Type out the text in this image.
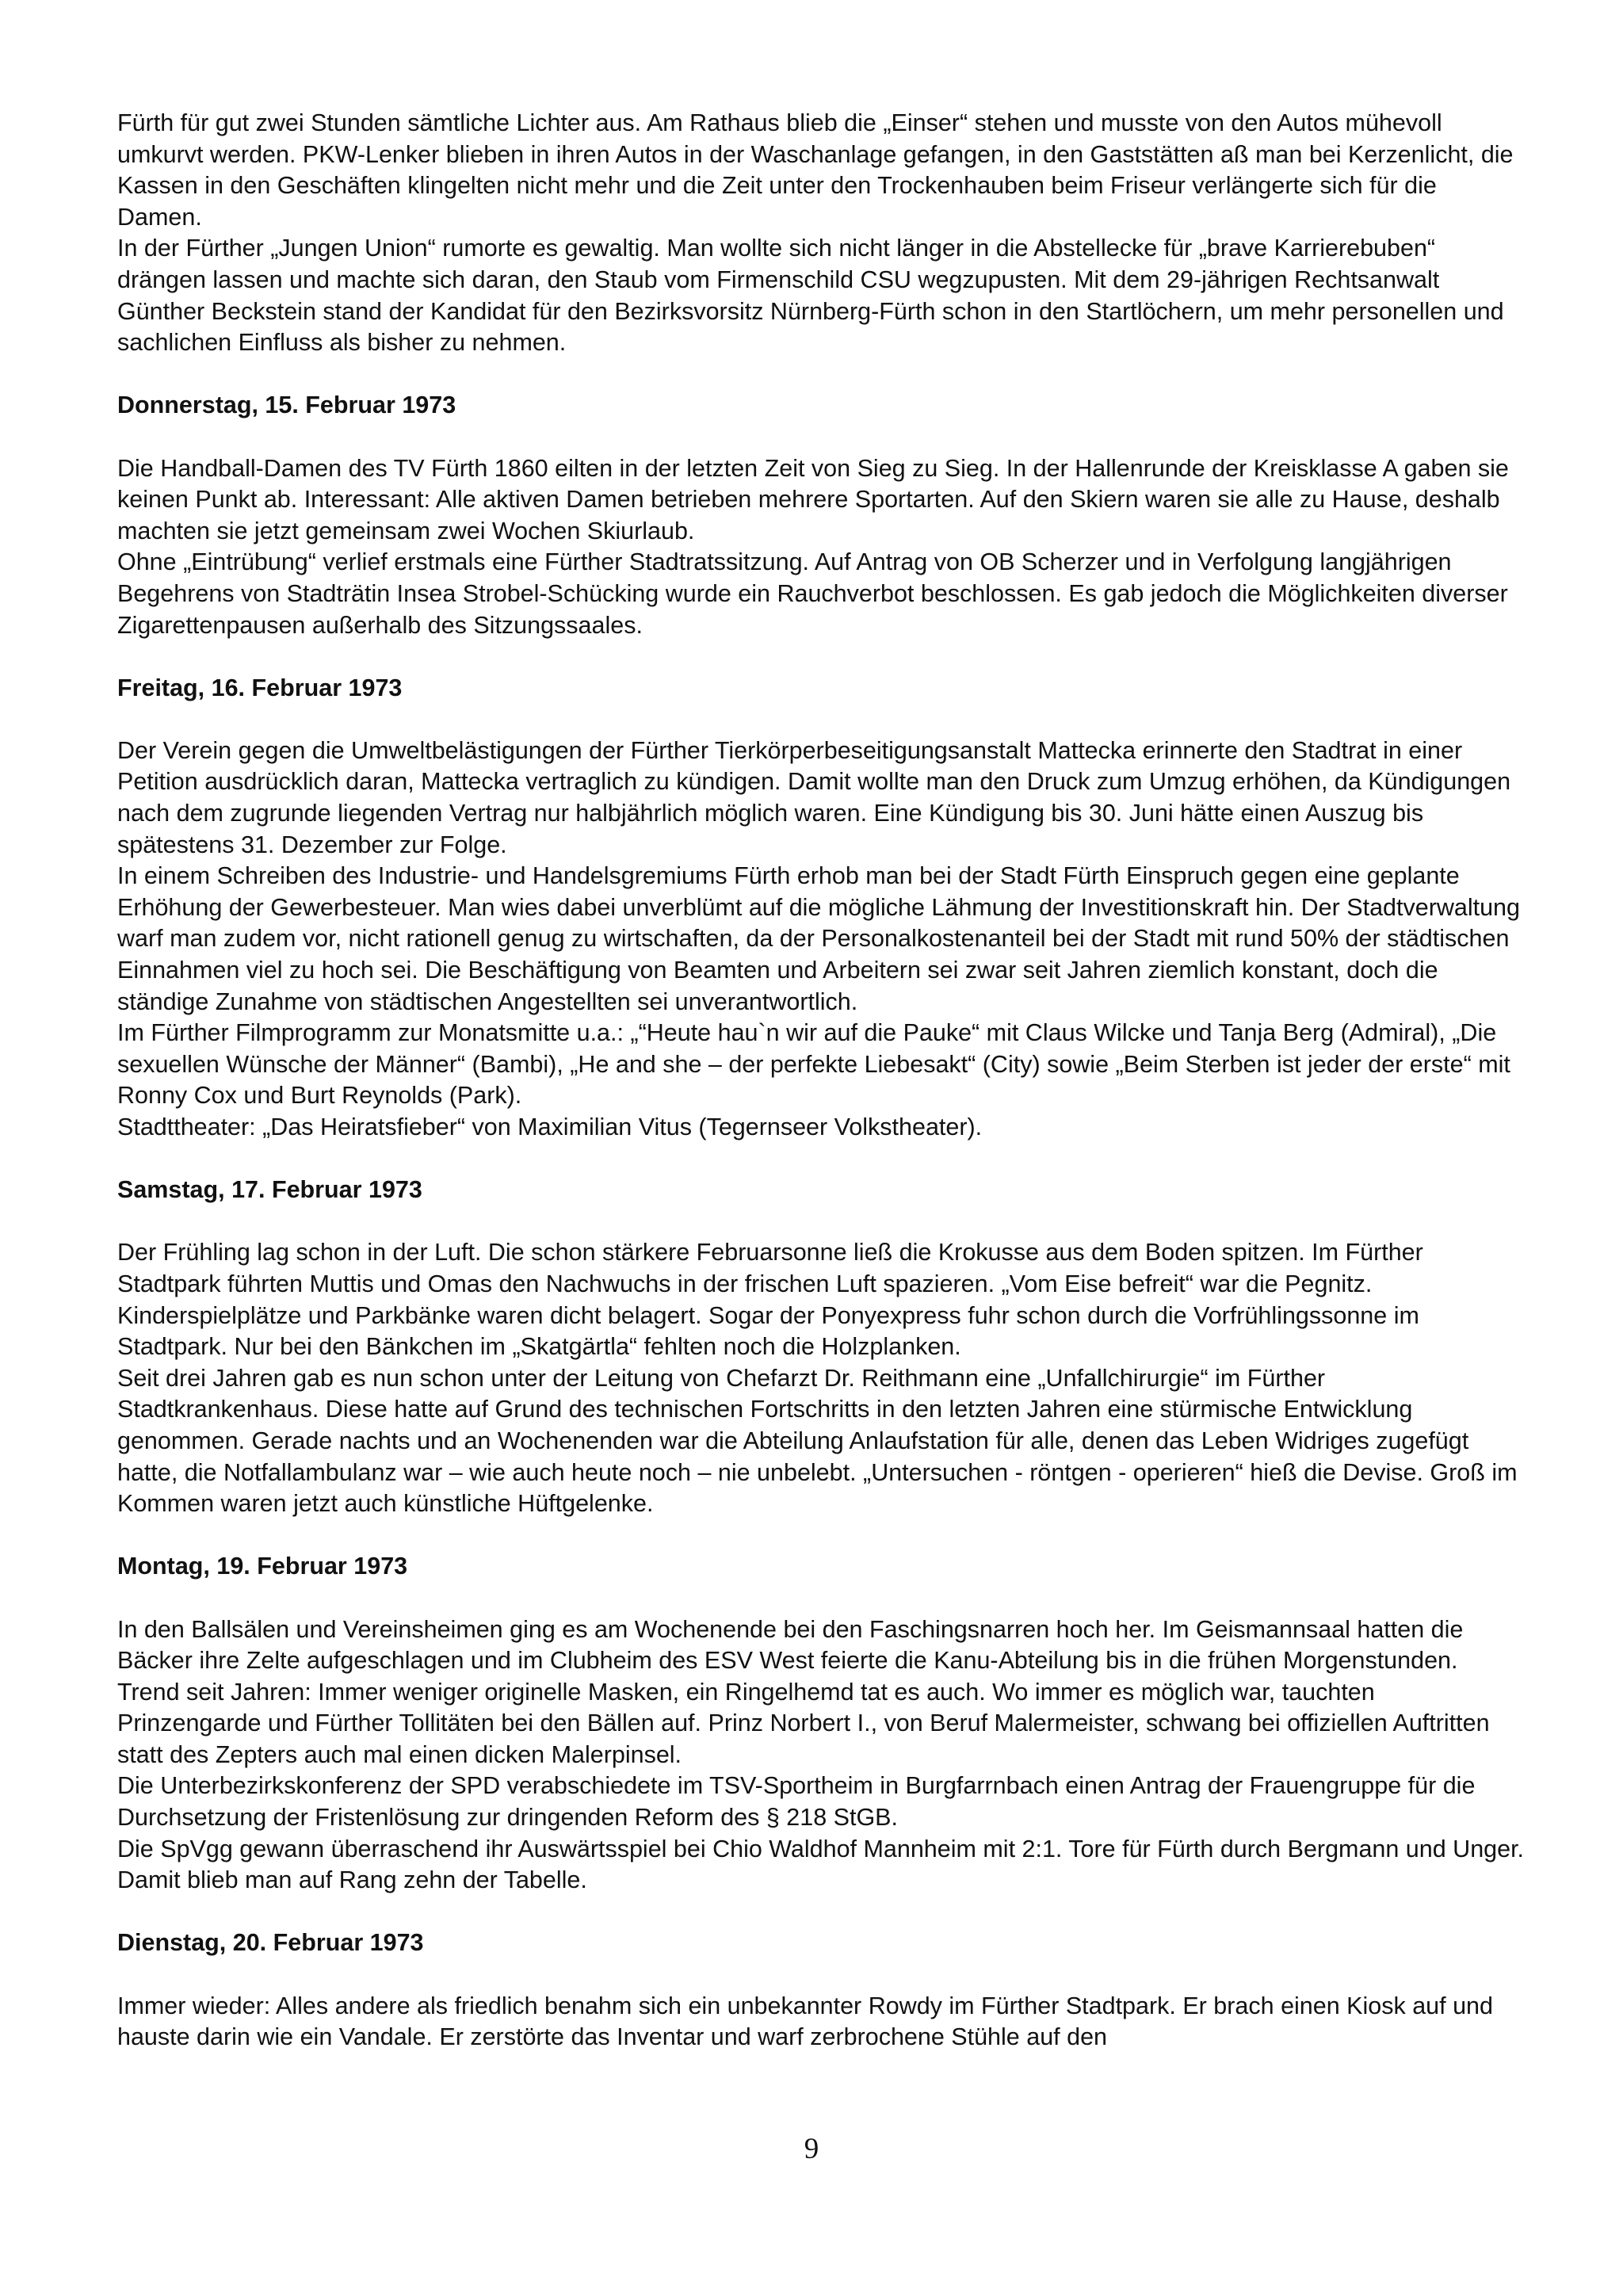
Fürth für gut zwei Stunden sämtliche Lichter aus. Am Rathaus blieb die „Einser“ stehen und musste von den Autos mühevoll umkurvt werden. PKW-Lenker blieben in ihren Autos in der Waschanlage gefangen, in den Gaststätten aß man bei Kerzenlicht, die Kassen in den Geschäften klingelten nicht mehr und die Zeit unter den Trockenhauben beim Friseur verlängerte sich für die Damen.

In der Fürther „Jungen Union“ rumorte es gewaltig. Man wollte sich nicht länger in die Abstellecke für „brave Karrierebuben“ drängen lassen und machte sich daran, den Staub vom Firmenschild CSU wegzupusten. Mit dem 29-jährigen Rechtsanwalt Günther Beckstein stand der Kandidat für den Bezirksvorsitz Nürnberg-Fürth schon in den Startlöchern, um mehr personellen und sachlichen Einfluss als bisher zu nehmen.

Donnerstag, 15. Februar 1973

Die Handball-Damen des TV Fürth 1860 eilten in der letzten Zeit von Sieg zu Sieg. In der Hallenrunde der Kreisklasse A gaben sie keinen Punkt ab. Interessant: Alle aktiven Damen betrieben mehrere Sportarten. Auf den Skiern waren sie alle zu Hause, deshalb machten sie jetzt gemeinsam zwei Wochen Skiurlaub.

Ohne „Eintrübung“ verlief erstmals eine Fürther Stadtratssitzung. Auf Antrag von OB Scherzer und in Verfolgung langjährigen Begehrens von Stadträtin Insea Strobel-Schücking wurde ein Rauchverbot beschlossen. Es gab jedoch die Möglichkeiten diverser Zigarettenpausen außerhalb des Sitzungssaales.

Freitag, 16. Februar 1973

Der Verein gegen die Umweltbelästigungen der Fürther Tierkörperbeseitigungsanstalt Mattecka erinnerte den Stadtrat in einer Petition ausdrücklich daran, Mattecka vertraglich zu kündigen. Damit wollte man den Druck zum Umzug erhöhen, da Kündigungen nach dem zugrunde liegenden Vertrag nur halbjährlich möglich waren. Eine Kündigung bis 30. Juni hätte einen Auszug bis spätestens 31. Dezember zur Folge.

In einem Schreiben des Industrie- und Handelsgremiums Fürth erhob man bei der Stadt Fürth Einspruch gegen eine geplante Erhöhung der Gewerbesteuer. Man wies dabei unverblümt auf die mögliche Lähmung der Investitionskraft hin. Der Stadtverwaltung warf man zudem vor, nicht rationell genug zu wirtschaften, da der Personalkostenanteil bei der Stadt mit rund 50% der städtischen Einnahmen viel zu hoch sei. Die Beschäftigung von Beamten und Arbeitern sei zwar seit Jahren ziemlich konstant, doch die ständige Zunahme von städtischen Angestellten sei unverantwortlich.

Im Fürther Filmprogramm zur Monatsmitte u.a.: „“Heute hau`n wir auf die Pauke“ mit Claus Wilcke und Tanja Berg (Admiral), „Die sexuellen Wünsche der Männer“ (Bambi), „He and she – der perfekte Liebesakt“ (City) sowie „Beim Sterben ist jeder der erste“ mit Ronny Cox und Burt Reynolds (Park).

Stadttheater: „Das Heiratsfieber“ von Maximilian Vitus (Tegernseer Volkstheater).

Samstag, 17. Februar 1973

Der Frühling lag schon in der Luft. Die schon stärkere Februarsonne ließ die Krokusse aus dem Boden spitzen. Im Fürther Stadtpark führten Muttis und Omas den Nachwuchs in der frischen Luft spazieren. „Vom Eise befreit“ war die Pegnitz. Kinderspielplätze und Parkbänke waren dicht belagert. Sogar der Ponyexpress fuhr schon durch die Vorfrühlingssonne im Stadtpark. Nur bei den Bänkchen im „Skatgärtla“ fehlten noch die Holzplanken.

Seit drei Jahren gab es nun schon unter der Leitung von Chefarzt Dr. Reithmann eine „Unfallchirurgie“ im Fürther Stadtkrankenhaus. Diese hatte auf Grund des technischen Fortschritts in den letzten Jahren eine stürmische Entwicklung genommen. Gerade nachts und an Wochenenden war die Abteilung Anlaufstation für alle, denen das Leben Widriges zugefügt hatte, die Notfallambulanz war – wie auch heute noch – nie unbelebt. „Untersuchen - röntgen - operieren“ hieß die Devise. Groß im Kommen waren jetzt auch künstliche Hüftgelenke.

Montag, 19. Februar 1973

In den Ballsälen und Vereinsheimen ging es am Wochenende bei den Faschingsnarren hoch her. Im Geismannsaal hatten die Bäcker ihre Zelte aufgeschlagen und im Clubheim des ESV West feierte die Kanu-Abteilung bis in die frühen Morgenstunden. Trend seit Jahren: Immer weniger originelle Masken, ein Ringelhemd tat es auch. Wo immer es möglich war, tauchten Prinzengarde und Fürther Tollitäten bei den Bällen auf. Prinz Norbert I., von Beruf Malermeister, schwang bei offiziellen Auftritten statt des Zepters auch mal einen dicken Malerpinsel.

Die Unterbezirkskonferenz der SPD verabschiedete im TSV-Sportheim in Burgfarrnbach einen Antrag der Frauengruppe für die Durchsetzung der Fristenlösung zur dringenden Reform des § 218 StGB.

Die SpVgg gewann überraschend ihr Auswärtsspiel bei Chio Waldhof Mannheim mit 2:1. Tore für Fürth durch Bergmann und Unger. Damit blieb man auf Rang zehn der Tabelle.

Dienstag, 20. Februar 1973

Immer wieder: Alles andere als friedlich benahm sich ein unbekannter Rowdy im Fürther Stadtpark. Er brach einen Kiosk auf und hauste darin wie ein Vandale. Er zerstörte das Inventar und warf zerbrochene Stühle auf den

9
